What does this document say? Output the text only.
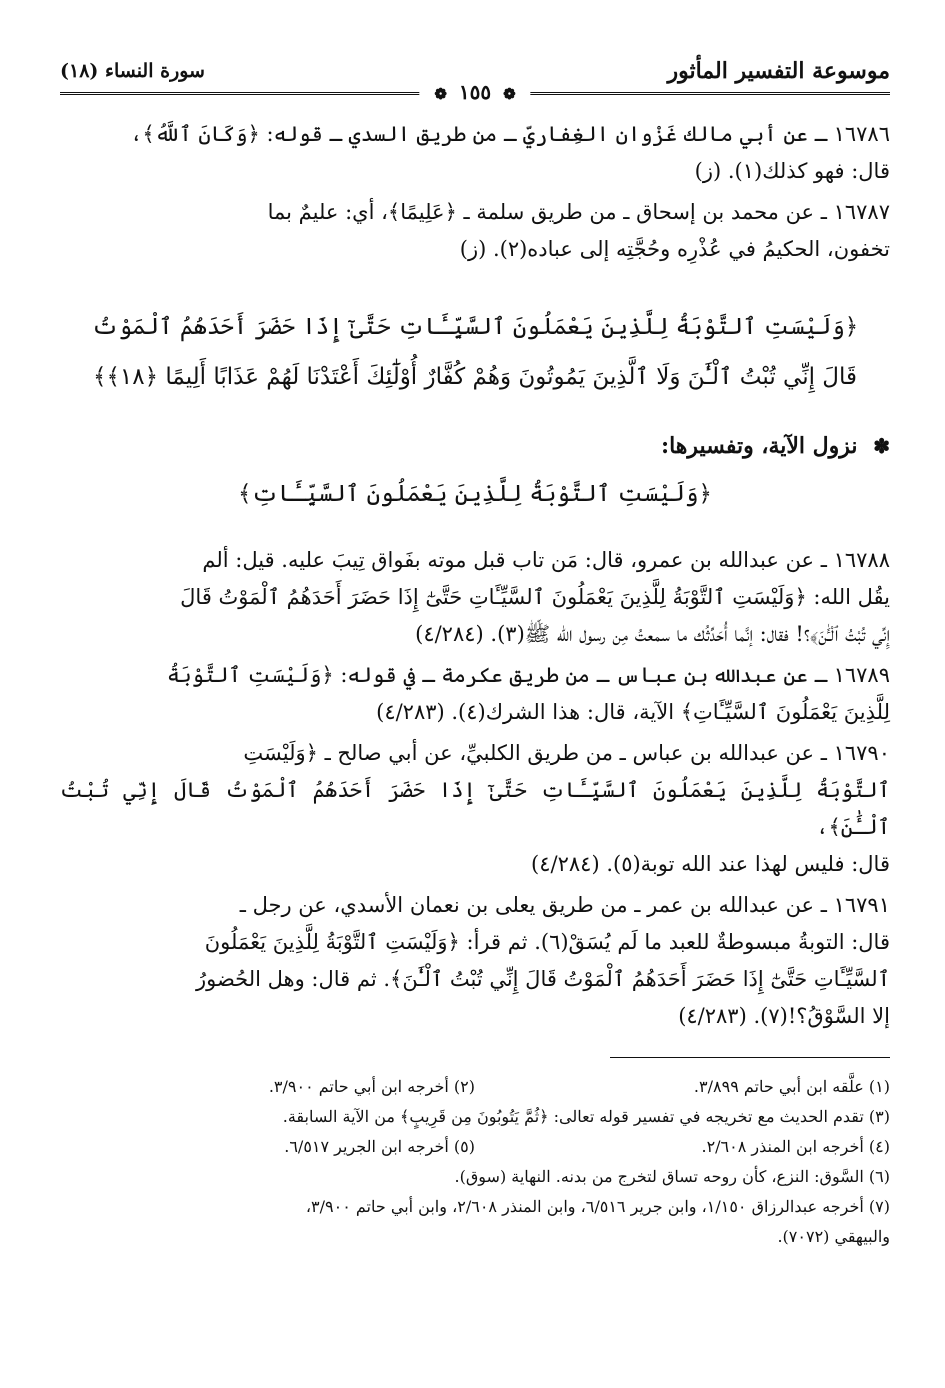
موسوعة التفسير المأثور
سورة النساء (١٨)
❁ ١٥٥ ❁
١٦٧٨٦ ـ عن أبي مالك غَزْوان الغِفاريِّ ـ من طريق السدي ـ قوله: ﴿وَكَانَ ٱللَّهُ﴾،
قال: فهو كذلك(١). (ز)
١٦٧٨٧ ـ عن محمد بن إسحاق ـ من طريق سلمة ـ ﴿عَلِيمًا﴾، أي: عليمٌ بما
تخفون، الحكيمُ في عُذْرِه وحُجَّتِه إلى عباده(٢). (ز)
﴿وَلَيْسَتِ ٱلتَّوْبَةُ لِلَّذِينَ يَعْمَلُونَ ٱلسَّيِّـَٔاتِ حَتَّىٰٓ إِذَا حَضَرَ أَحَدَهُمُ ٱلْمَوْتُ
قَالَ إِنِّي تُبْتُ ٱلْـَٰٔنَ وَلَا ٱلَّذِينَ يَمُوتُونَ وَهُمْ كُفَّارٌ أُوْلَٰٓئِكَ أَعْتَدْنَا لَهُمْ عَذَابًا أَلِيمًا ﴿١٨﴾﴾
✽ نزول الآية، وتفسيرها:
﴿وَلَيْسَتِ ٱلتَّوْبَةُ لِلَّذِينَ يَعْمَلُونَ ٱلسَّيِّـَٔاتِ﴾
١٦٧٨٨ ـ عن عبدالله بن عمرو، قال: مَن تاب قبل موته بفَواق تِيبَ عليه. قيل: ألم
يقُل الله: ﴿وَلَيْسَتِ ٱلتَّوْبَةُ لِلَّذِينَ يَعْمَلُونَ ٱلسَّيِّـَٔاتِ حَتَّىٰٓ إِذَا حَضَرَ أَحَدَهُمُ ٱلْمَوْتُ قَالَ
إِنِّي تُبْتُ ٱلْـَٰٔنَ﴾؟! فقال: إنَّما أُحَدِّثُك ما سمعتُ مِن رسول الله ﷺ(٣). (٤/٢٨٤)
١٦٧٨٩ ـ عن عبدالله بن عباس ـ من طريق عكرمة ـ في قوله: ﴿وَلَيْسَتِ ٱلتَّوْبَةُ
لِلَّذِينَ يَعْمَلُونَ ٱلسَّيِّـَٔاتِ﴾ الآية، قال: هذا الشرك(٤). (٤/٢٨٣)
١٦٧٩٠ ـ عن عبدالله بن عباس ـ من طريق الكلبيِّ، عن أبي صالح ـ ﴿وَلَيْسَتِ
ٱلتَّوْبَةُ لِلَّذِينَ يَعْمَلُونَ ٱلسَّيِّـَٔاتِ حَتَّىٰٓ إِذَا حَضَرَ أَحَدَهُمُ ٱلْمَوْتُ قَالَ إِنِّي تُبْتُ ٱلْـَٰٔنَ﴾،
قال: فليس لهذا عند الله توبة(٥). (٤/٢٨٤)
١٦٧٩١ ـ عن عبدالله بن عمر ـ من طريق يعلى بن نعمان الأسدي، عن رجل ـ
قال: التوبةُ مبسوطةٌ للعبد ما لَم يُسَقْ(٦). ثم قرأ: ﴿وَلَيْسَتِ ٱلتَّوْبَةُ لِلَّذِينَ يَعْمَلُونَ
ٱلسَّيِّـَٔاتِ حَتَّىٰٓ إِذَا حَضَرَ أَحَدَهُمُ ٱلْمَوْتُ قَالَ إِنِّي تُبْتُ ٱلْـَٰٔنَ﴾. ثم قال: وهل الحُضورُ
إلا السَّوْقُ؟!(٧). (٤/٢٨٣)
(١) علَّقه ابن أبي حاتم ٣/٨٩٩.
(٢) أخرجه ابن أبي حاتم ٣/٩٠٠.
(٣) تقدم الحديث مع تخريجه في تفسير قوله تعالى: ﴿ثُمَّ يَتُوبُونَ مِن قَرِيبٍ﴾ من الآية السابقة.
(٤) أخرجه ابن المنذر ٢/٦٠٨.
(٥) أخرجه ابن الجرير ٦/٥١٧.
(٦) السَّوق: النزع، كأن روحه تساق لتخرج من بدنه. النهاية (سوق).
(٧) أخرجه عبدالرزاق ١/١٥٠، وابن جرير ٦/٥١٦، وابن المنذر ٢/٦٠٨، وابن أبي حاتم ٣/٩٠٠،
والبيهقي (٧٠٧٢).
